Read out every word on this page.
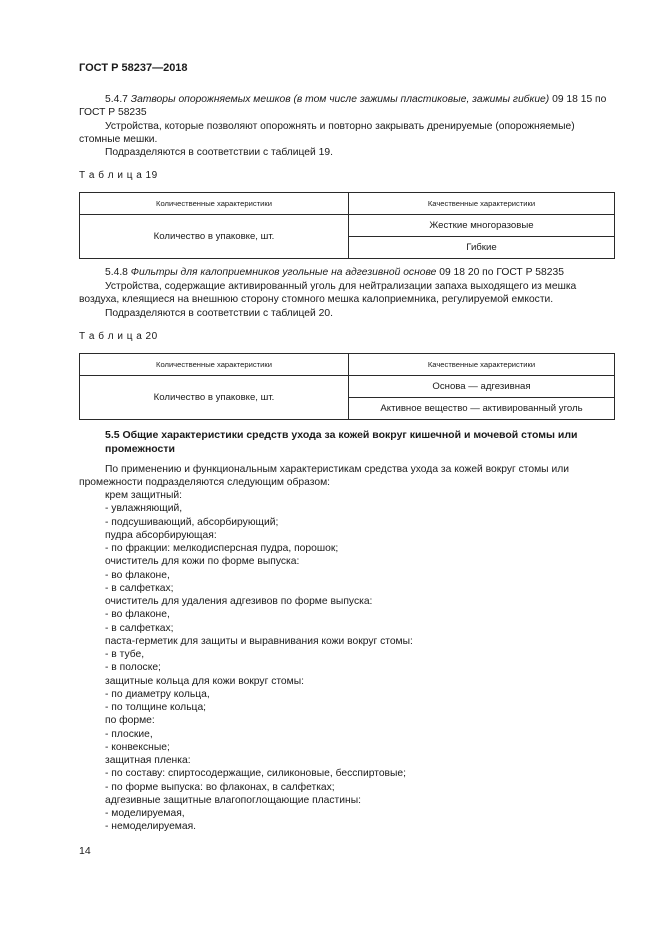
ГОСТ Р 58237—2018
5.4.7 Затворы опорожняемых мешков (в том числе зажимы пластиковые, зажимы гибкие) 09 18 15 по ГОСТ Р 58235
Устройства, которые позволяют опорожнять и повторно закрывать дренируемые (опорожняемые) стомные мешки.
Подразделяются в соответствии с таблицей 19.
Т а б л и ц а 19
Количественные характеристики	Качественные характеристики
Количество в упаковке, шт.	Жесткие многоразовые
	Гибкие
5.4.8 Фильтры для калоприемников угольные на адгезивной основе 09 18 20 по ГОСТ Р 58235
Устройства, содержащие активированный уголь для нейтрализации запаха выходящего из мешка воздуха, клеящиеся на внешнюю сторону стомного мешка калоприемника, регулируемой емкости.
Подразделяются в соответствии с таблицей 20.
Т а б л и ц а 20
Количественные характеристики	Качественные характеристики
Количество в упаковке, шт.	Основа — адгезивная
	Активное вещество — активированный уголь
5.5 Общие характеристики средств ухода за кожей вокруг кишечной и мочевой стомы или промежности
По применению и функциональным характеристикам средства ухода за кожей вокруг стомы или промежности подразделяются следующим образом:
крем защитный:
- увлажняющий,
- подсушивающий, абсорбирующий;
пудра абсорбирующая:
- по фракции: мелкодисперсная пудра, порошок;
очиститель для кожи по форме выпуска:
- во флаконе,
- в салфетках;
очиститель для удаления адгезивов по форме выпуска:
- во флаконе,
- в салфетках;
паста-герметик для защиты и выравнивания кожи вокруг стомы:
- в тубе,
- в полоске;
защитные кольца для кожи вокруг стомы:
- по диаметру кольца,
- по толщине кольца;
по форме:
- плоские,
- конвексные;
защитная пленка:
- по составу: спиртосодержащие, силиконовые, бесспиртовые;
- по форме выпуска: во флаконах, в салфетках;
адгезивные защитные влагопоглощающие пластины:
- моделируемая,
- немоделируемая.
14
